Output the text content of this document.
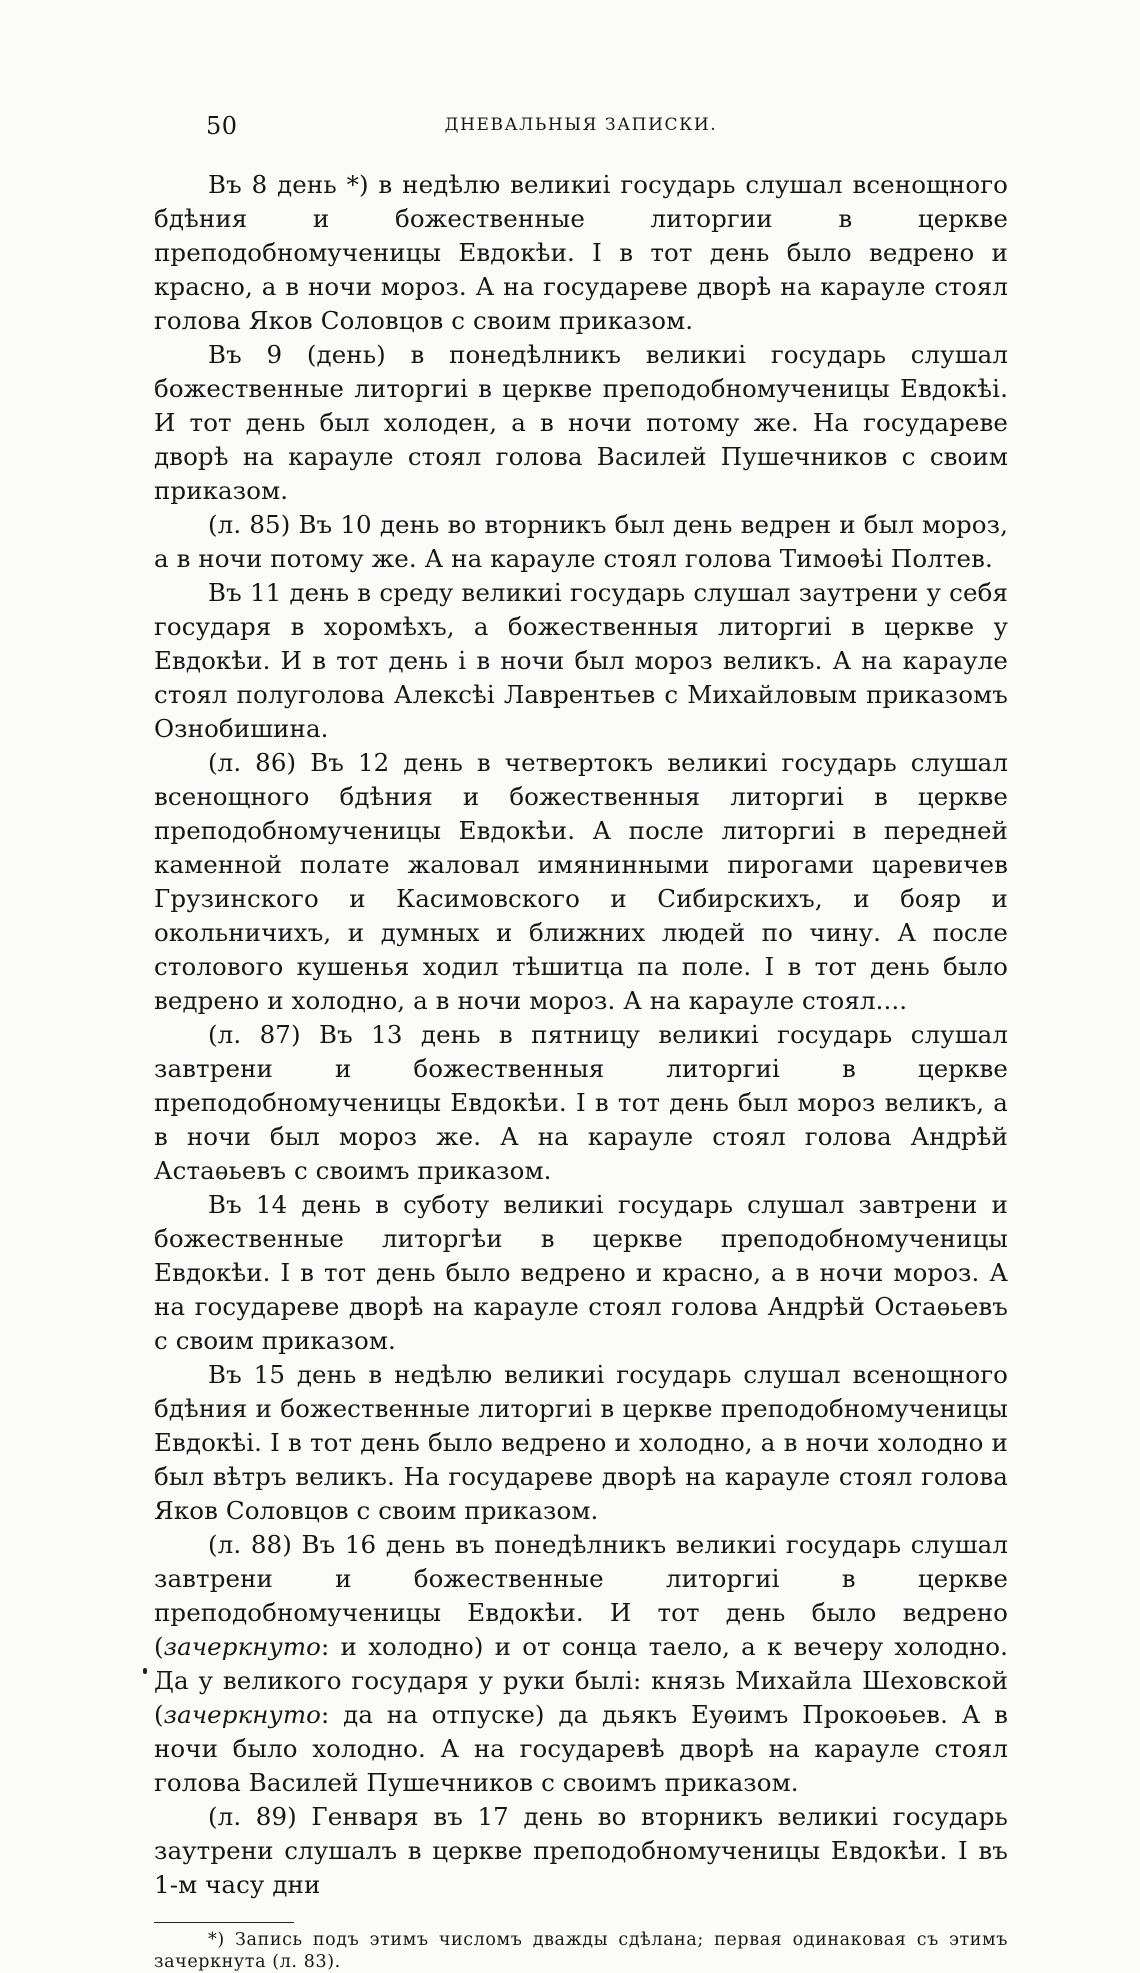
50	ДНЕВАЛЬНЫЯ ЗАПИСКИ.

Въ 8 день *) в недѣлю великиі государь слушал всенощного бдѣния и божественные литоргии в церкве преподобномученицы Евдокѣи. І в тот день было ведрено и красно, а в ночи мороз. А на государеве дворѣ на карауле стоял голова Яков Соловцов с своим приказом.

Въ 9 (день) в понедѣлникъ великиі государь слушал божественные литоргиі в церкве преподобномученицы Евдокѣі. И тот день был холоден, а в ночи потому же. На государеве дворѣ на карауле стоял голова Василей Пушечников с своим приказом.

(л. 85) Въ 10 день во вторникъ был день ведрен и был мороз, а в ночи потому же. А на карауле стоял голова Тимоѳѣі Полтев.

Въ 11 день в среду великиі государь слушал заутрени у себя государя в хоромѣхъ, а божественныя литоргиі в церкве у Евдокѣи. И в тот день і в ночи был мороз великъ. А на карауле стоял полуголова Алексѣі Лаврентьев с Михайловым приказомъ Ознобишина.

(л. 86) Въ 12 день в четвертокъ великиі государь слушал всенощного бдѣния и божественныя литоргиі в церкве преподобномученицы Евдокѣи. А после литоргиі в передней каменной полате жаловал имянинными пирогами царевичев Грузинского и Касимовского и Сибирскихъ, и бояр и окольничихъ, и думных и ближних людей по чину. А после столового кушенья ходил тѣшитца па поле. І в тот день было ведрено и холодно, а в ночи мороз. А на карауле стоял....

(л. 87) Въ 13 день в пятницу великиі государь слушал завтрени и божественныя литоргиі в церкве преподобномученицы Евдокѣи. І в тот день был мороз великъ, а в ночи был мороз же. А на карауле стоял голова Андрѣй Астаѳьевъ с своимъ приказом.

Въ 14 день в суботу великиі государь слушал завтрени и божественные литоргѣи в церкве преподобномученицы Евдокѣи. І в тот день было ведрено и красно, а в ночи мороз. А на государеве дворѣ на карауле стоял голова Андрѣй Остаѳьевъ с своим приказом.

Въ 15 день в недѣлю великиі государь слушал всенощного бдѣния и божественные литоргиі в церкве преподобномученицы Евдокѣі. І в тот день было ведрено и холодно, а в ночи холодно и был вѣтръ великъ. На государеве дворѣ на карауле стоял голова Яков Соловцов с своим приказом.

(л. 88) Въ 16 день въ понедѣлникъ великиі государь слушал завтрени и божественные литоргиі в церкве преподобномученицы Евдокѣи. И тот день было ведрено (зачеркнуто: и холодно) и от сонца таело, а к вечеру холодно. Да у великого государя у руки былі: князь Михайла Шеховской (зачеркнуто: да на отпуске) да дьякъ Еуѳимъ Прокоѳьев. А в ночи было холодно. А на государевѣ дворѣ на карауле стоял голова Василей Пушечников с своимъ приказом.

(л. 89) Генваря въ 17 день во вторникъ великиі государь заутрени слушалъ в церкве преподобномученицы Евдокѣи. І въ 1-м часу дни

*) Запись подъ этимъ числомъ дважды сдѣлана; первая одинаковая съ этимъ зачеркнута (л. 83).
